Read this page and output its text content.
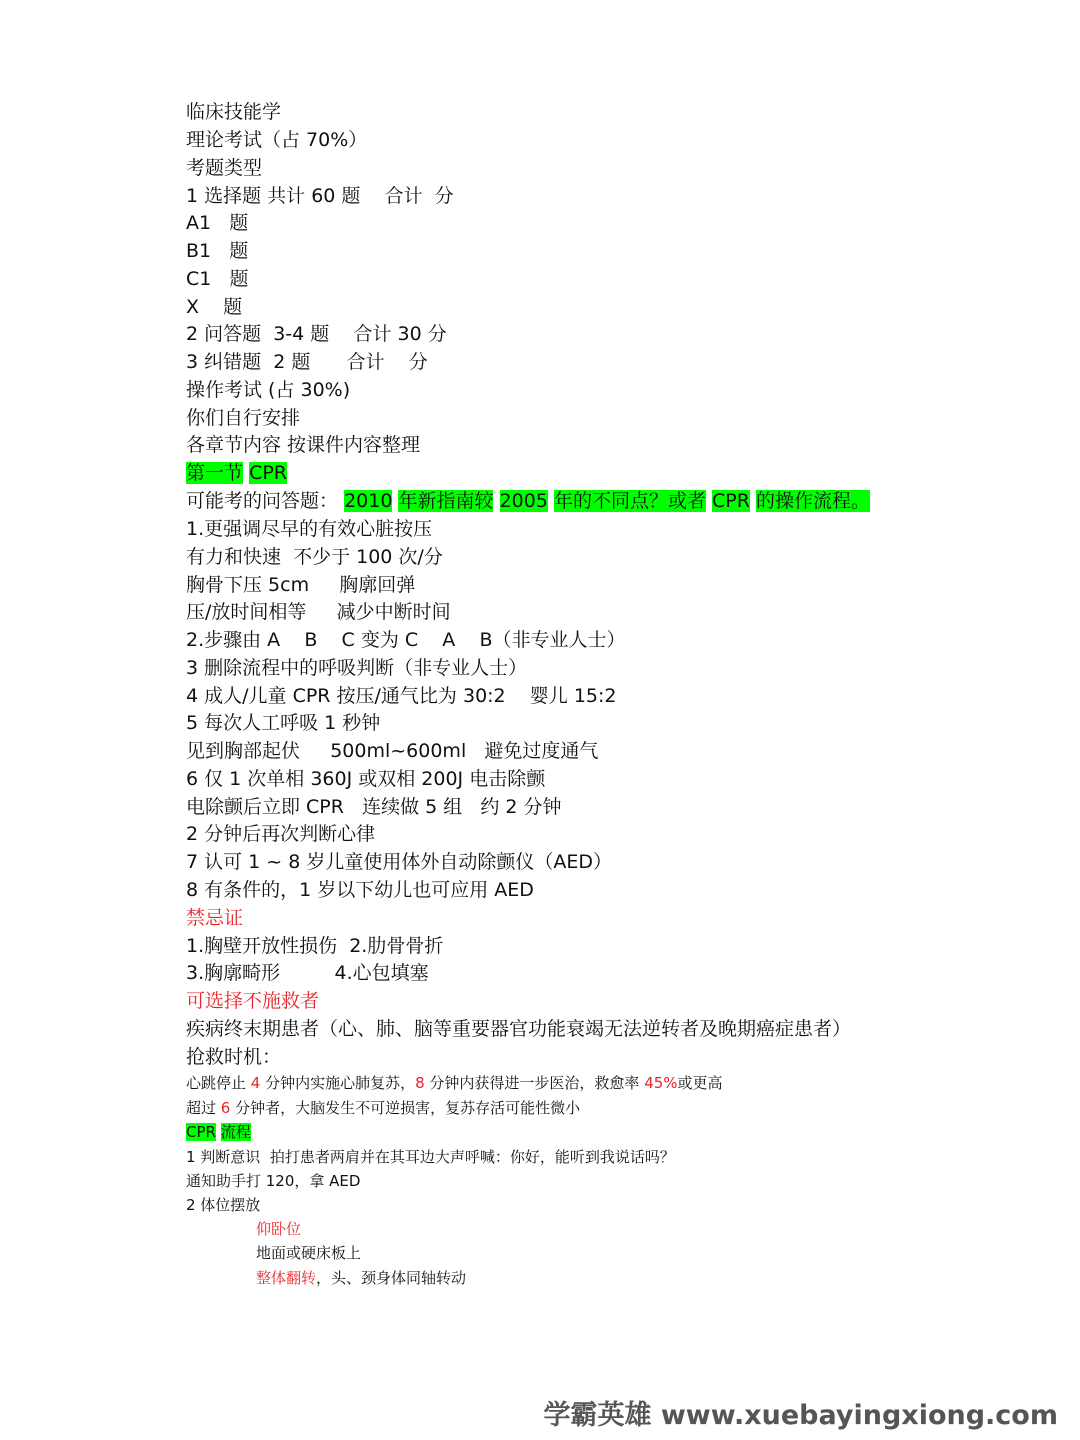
临床技能学
理论考试（占 70%）
考题类型
1 选择题 共计 60 题    合计  分
A1   题
B1   题
C1   题
X    题
2 问答题  3-4 题    合计 30 分
3 纠错题  2 题      合计    分
操作考试 (占 30%)
你们自行安排
各章节内容 按课件内容整理
第一节 CPR
可能考的问答题： 2010 年新指南较 2005 年的不同点？或者 CPR 的操作流程。
1.更强调尽早的有效心脏按压
有力和快速  不少于 100 次/分
胸骨下压 5cm     胸廓回弹
压/放时间相等     减少中断时间
2.步骤由 A    B    C 变为 C    A    B（非专业人士）
3 删除流程中的呼吸判断（非专业人士）
4 成人/儿童 CPR 按压/通气比为 30:2    婴儿 15:2
5 每次人工呼吸 1 秒钟
见到胸部起伏     500ml~600ml   避免过度通气
6 仅 1 次单相 360J 或双相 200J 电击除颤
电除颤后立即 CPR   连续做 5 组   约 2 分钟
2 分钟后再次判断心律
7 认可 1 ~ 8 岁儿童使用体外自动除颤仪（AED）
8 有条件的，1 岁以下幼儿也可应用 AED
禁忌证
1.胸壁开放性损伤  2.肋骨骨折
3.胸廓畸形         4.心包填塞
可选择不施救者
疾病终末期患者（心、肺、脑等重要器官功能衰竭无法逆转者及晚期癌症患者）
抢救时机：
心跳停止 4 分钟内实施心肺复苏，8 分钟内获得进一步医治，救愈率 45%或更高
超过 6 分钟者，大脑发生不可逆损害，复苏存活可能性微小
CPR 流程
1 判断意识  拍打患者两肩并在其耳边大声呼喊：你好，能听到我说话吗？
通知助手打 120，拿 AED
2 体位摆放
仰卧位
地面或硬床板上
整体翻转，头、颈身体同轴转动
学霸英雄 www.xuebayingxiong.com
